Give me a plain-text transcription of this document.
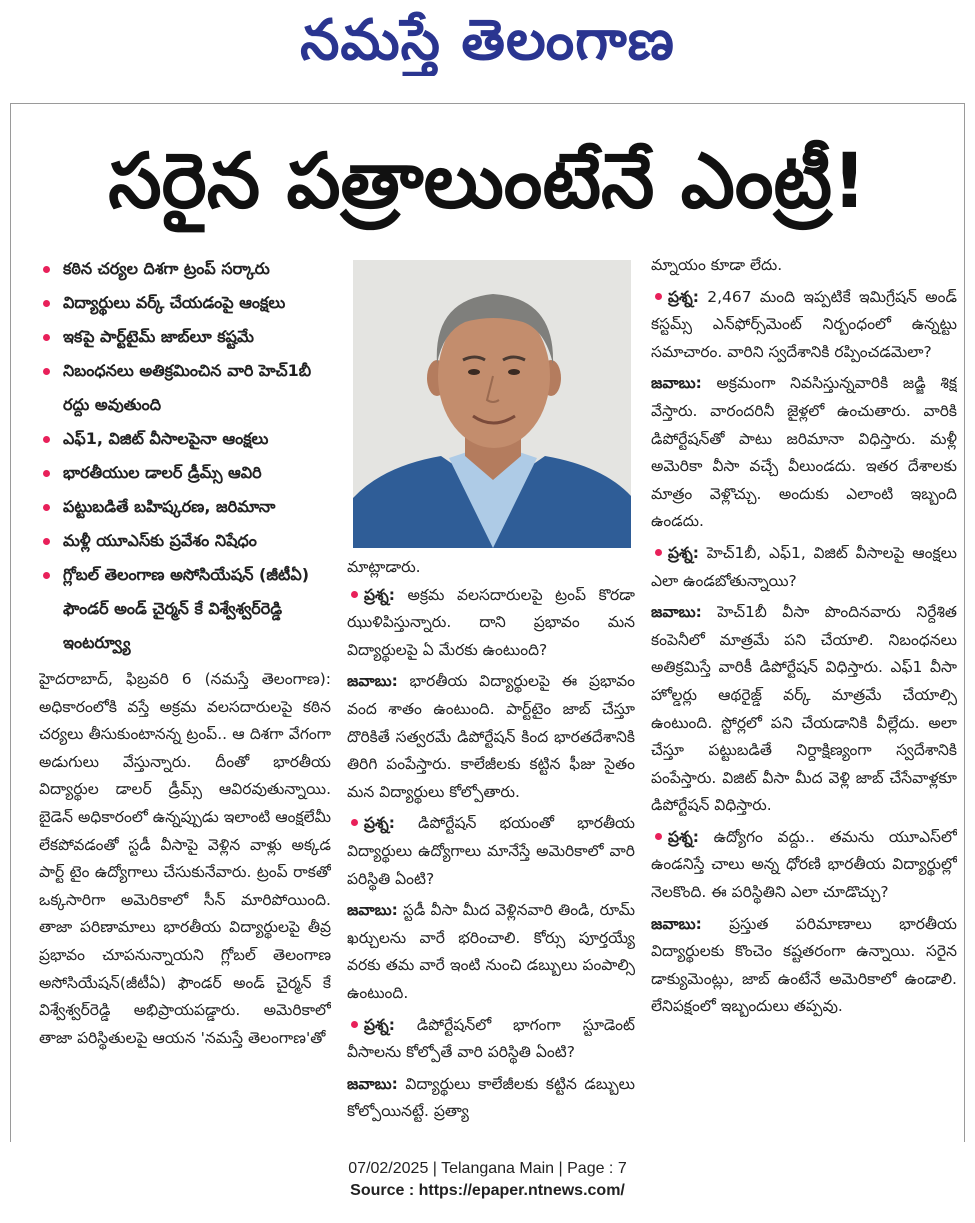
నమస్తే తెలంగాణ
సరైన పత్రాలుంటేనే ఎంట్రీ!
కఠిన చర్యల దిశగా ట్రంప్ సర్కారు
విద్యార్థులు వర్క్ చేయడంపై ఆంక్షలు
ఇకపై పార్ట్‌టైమ్ జాబ్‌లూ కష్టమే
నిబంధనలు అతిక్రమించిన వారి హెచ్1బీ రద్దు అవుతుంది
ఎఫ్1, విజిట్ వీసాలపైనా ఆంక్షలు
భారతీయుల డాలర్ డ్రీమ్స్ ఆవిరి
పట్టుబడితే బహిష్కరణ, జరిమానా
మళ్లీ యూఎస్‌కు ప్రవేశం నిషేధం
గ్లోబల్ తెలంగాణ అసోసియేషన్ (జీటీఏ) ఫౌండర్ అండ్ చైర్మన్ కే విశ్వేశ్వర్‌రెడ్డి ఇంటర్వ్యూ

హైదరాబాద్, ఫిబ్రవరి 6 (నమస్తే తెలంగాణ): అధికారంలోకి వస్తే అక్రమ వలసదారులపై కఠిన చర్యలు తీసుకుంటానన్న ట్రంప్.. ఆ దిశగా వేగంగా అడుగులు వేస్తున్నారు. దీంతో భారతీయ విద్యార్థుల డాలర్ డ్రీమ్స్ ఆవిరవుతున్నాయి. బైడెన్ అధికారంలో ఉన్నప్పుడు ఇలాంటి ఆంక్షలేమీ లేకపోవడంతో స్టడీ వీసాపై వెళ్లిన వాళ్లు అక్కడ పార్ట్ టైం ఉద్యోగాలు చేసుకునేవారు. ట్రంప్ రాకతో ఒక్కసారిగా అమెరికాలో సీన్ మారిపోయింది. తాజా పరిణామాలు భారతీయ విద్యార్థులపై తీవ్ర ప్రభావం చూపనున్నాయని గ్లోబల్ తెలంగాణ అసోసియేషన్(జీటీఏ) ఫౌండర్ అండ్ చైర్మన్ కే విశ్వేశ్వర్‌రెడ్డి అభిప్రాయపడ్డారు. అమెరికాలో తాజా పరిస్థితులపై ఆయన 'నమస్తే తెలంగాణ'తో

మాట్లాడారు.

ప్రశ్న: అక్రమ వలసదారులపై ట్రంప్ కొరడా ఝుళిపిస్తున్నారు. దాని ప్రభావం మన విద్యార్థులపై ఏ మేరకు ఉంటుంది?

జవాబు: భారతీయ విద్యార్థులపై ఈ ప్రభావం వంద శాతం ఉంటుంది. పార్ట్‌టైం జాబ్ చేస్తూ దొరికితే సత్వరమే డిపోర్టేషన్ కింద భారతదేశానికి తిరిగి పంపేస్తారు. కాలేజీలకు కట్టిన ఫీజు సైతం మన విద్యార్థులు కోల్పోతారు.

ప్రశ్న: డిపోర్టేషన్ భయంతో భారతీయ విద్యార్థులు ఉద్యోగాలు మానేస్తే అమెరికాలో వారి పరిస్థితి ఏంటి?

జవాబు: స్టడీ వీసా మీద వెళ్లినవారి తిండి, రూమ్ ఖర్చులను వారే భరించాలి. కోర్సు పూర్తయ్యే వరకు తమ వారే ఇంటి నుంచి డబ్బులు పంపాల్సి ఉంటుంది.

ప్రశ్న: డిపోర్టేషన్‌లో భాగంగా స్టూడెంట్ వీసాలను కోల్పోతే వారి పరిస్థితి ఏంటి?

జవాబు: విద్యార్థులు కాలేజీలకు కట్టిన డబ్బులు కోల్పోయినట్టే. ప్రత్యా

మ్నాయం కూడా లేదు.

ప్రశ్న: 2,467 మంది ఇప్పటికే ఇమిగ్రేషన్ అండ్ కస్టమ్స్ ఎన్‌ఫోర్స్‌మెంట్ నిర్బంధంలో ఉన్నట్టు సమాచారం. వారిని స్వదేశానికి రప్పించడమెలా?

జవాబు: అక్రమంగా నివసిస్తున్నవారికి జడ్జి శిక్ష వేస్తారు. వారందరినీ జైళ్లలో ఉంచుతారు. వారికి డిపోర్టేషన్‌తో పాటు జరిమానా విధిస్తారు. మళ్లీ అమెరికా వీసా వచ్చే వీలుండదు. ఇతర దేశాలకు మాత్రం వెళ్లొచ్చు. అందుకు ఎలాంటి ఇబ్బంది ఉండదు.

ప్రశ్న: హెచ్1బీ, ఎఫ్1, విజిట్ వీసాలపై ఆంక్షలు ఎలా ఉండబోతున్నాయి?

జవాబు: హెచ్1బీ వీసా పొందినవారు నిర్దేశిత కంపెనీలో మాత్రమే పని చేయాలి. నిబంధనలు అతిక్రమిస్తే వారికీ డిపోర్టేషన్ విధిస్తారు. ఎఫ్1 వీసా హోల్డర్లు ఆథరైజ్డ్ వర్క్ మాత్రమే చేయాల్సి ఉంటుంది. స్టోర్లలో పని చేయడానికి వీల్లేదు. అలా చేస్తూ పట్టుబడితే నిర్దాక్షిణ్యంగా స్వదేశానికి పంపేస్తారు. విజిట్ వీసా మీద వెళ్లి జాబ్ చేసేవాళ్లకూ డిపోర్టేషన్ విధిస్తారు.

ప్రశ్న: ఉద్యోగం వద్దు.. తమను యూఎస్‌లో ఉండనిస్తే చాలు అన్న ధోరణి భారతీయ విద్యార్థుల్లో నెలకొంది. ఈ పరిస్థితిని ఎలా చూడొచ్చు?

జవాబు: ప్రస్తుత పరిమాణాలు భారతీయ విద్యార్థులకు కొంచెం కష్టతరంగా ఉన్నాయి. సరైన డాక్యుమెంట్లు, జాబ్ ఉంటేనే అమెరికాలో ఉండాలి. లేనిపక్షంలో ఇబ్బందులు తప్పవు.

07/02/2025 | Telangana Main | Page : 7
Source : https://epaper.ntnews.com/
